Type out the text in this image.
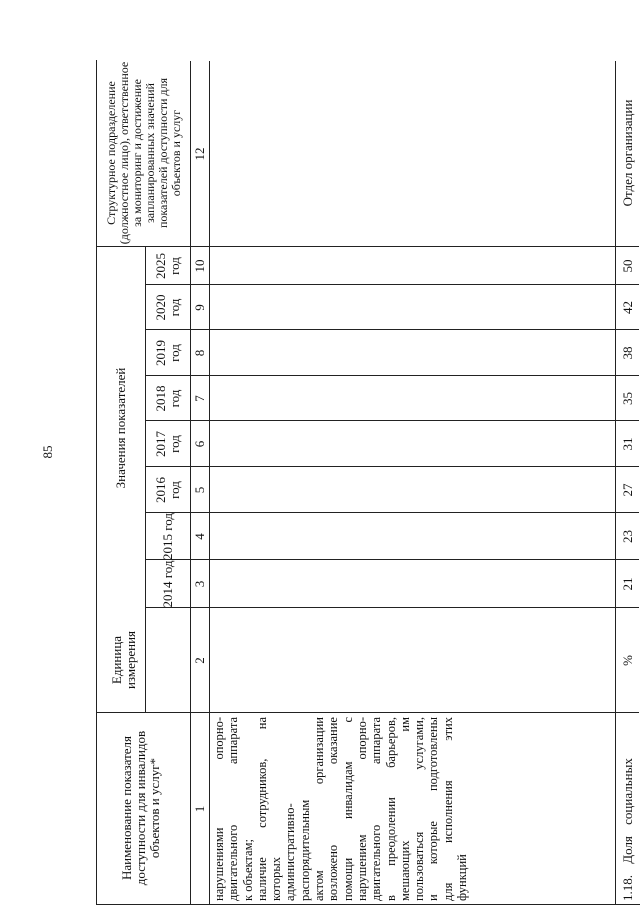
85
Наименование показателя доступности для инвалидов объектов и услуг*
Единица измерения
Значения показателей
2014 год
2015 год
2016 год
2017 год
2018 год
2019 год
2020 год
2025 год
Структурное подразделение (должностное лицо), ответственное за мониторинг и достижение запланированных значений показателей доступности для объектов и услуг
1
2
3
4
5
6
7
8
9
10
12
нарушениями опорно- двигательного аппарата к объектам; наличие сотрудников, на которых административно- распорядительным актом организации возложено оказание помощи инвалидам с нарушением опорно- двигательного аппарата в преодолении барьеров, мешающих им пользоваться услугами, и которые подготовлены для исполнения этих функций	1.18. Доля социальных
%
21
23
27
31
35
38
42
50
Отдел организации
